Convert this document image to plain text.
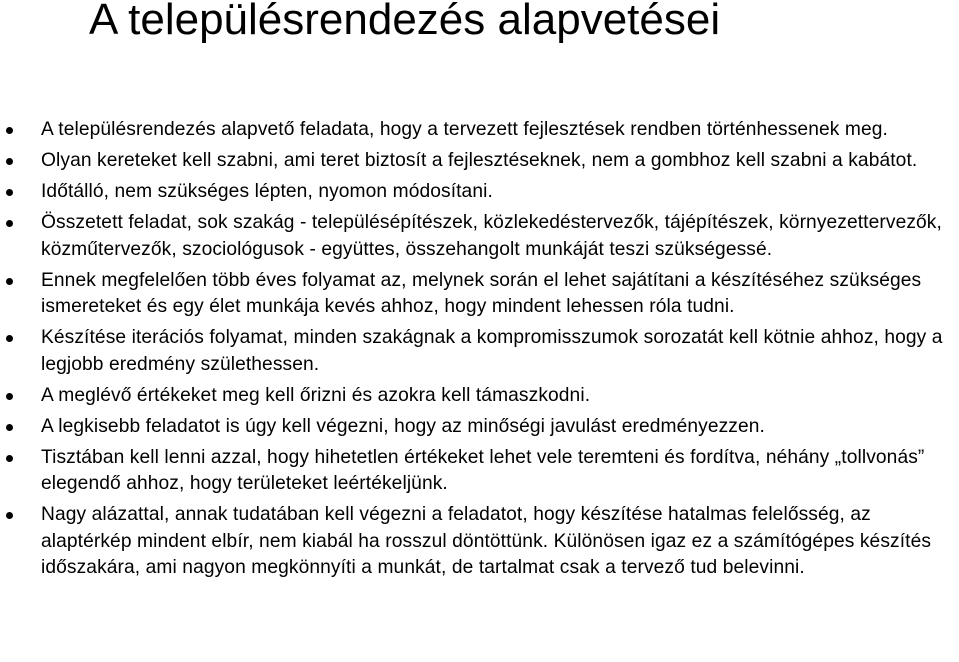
A településrendezés alapvetései
A településrendezés alapvető feladata, hogy a tervezett fejlesztések rendben történhessenek meg.
Olyan kereteket kell szabni, ami teret biztosít a fejlesztéseknek, nem a gombhoz kell szabni a kabátot.
Időtálló, nem szükséges lépten, nyomon módosítani.
Összetett feladat, sok szakág - településépítészek, közlekedéstervezők, tájépítészek, környezettervezők, közműtervezők, szociológusok - együttes, összehangolt munkáját teszi szükségessé.
Ennek megfelelően több éves folyamat az, melynek során el lehet sajátítani a készítéséhez szükséges ismereteket és egy élet munkája kevés ahhoz, hogy mindent lehessen róla tudni.
Készítése iterációs folyamat, minden szakágnak a kompromisszumok sorozatát kell kötnie ahhoz, hogy a legjobb eredmény születhessen.
A meglévő értékeket meg kell őrizni és azokra kell támaszkodni.
A legkisebb feladatot is úgy kell végezni, hogy az minőségi javulást eredményezzen.
Tisztában kell lenni azzal, hogy hihetetlen értékeket lehet vele teremteni és fordítva, néhány „tollvonás” elegendő ahhoz, hogy területeket leértékeljünk.
Nagy alázattal, annak tudatában kell végezni a feladatot, hogy készítése hatalmas felelősség, az alaptérkép mindent elbír, nem kiabál ha rosszul döntöttünk. Különösen igaz ez a számítógépes készítés időszakára, ami nagyon megkönnyíti a munkát, de tartalmat csak a tervező tud belevinni.
